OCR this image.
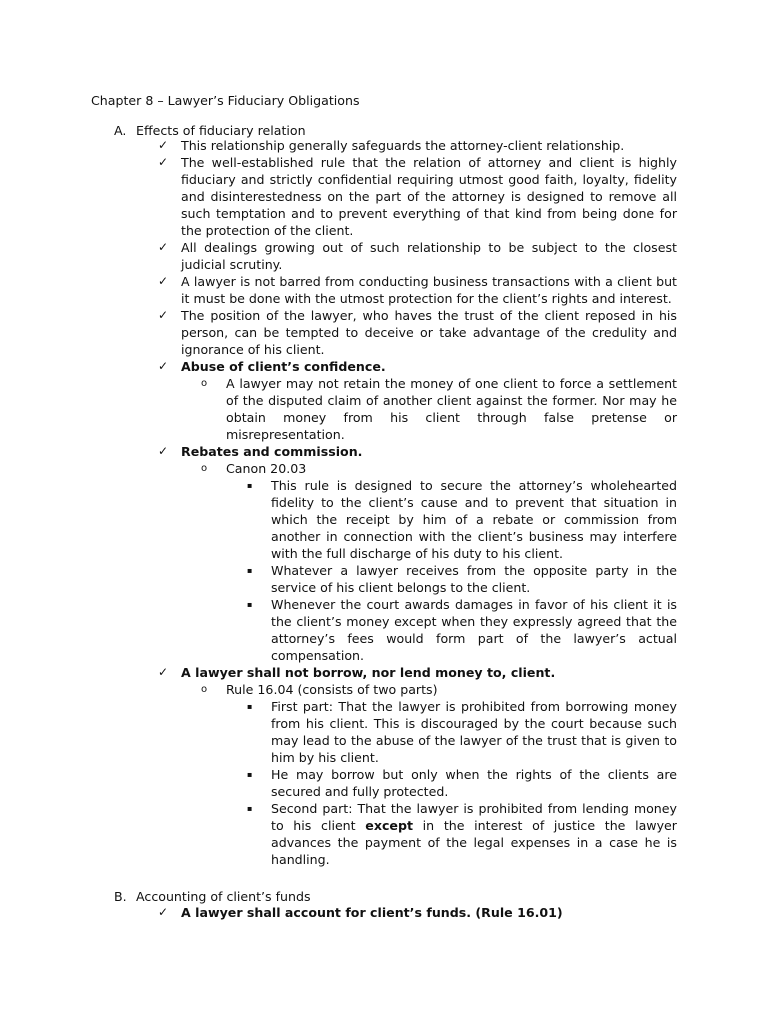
Chapter 8 – Lawyer’s Fiduciary Obligations
A. Effects of fiduciary relation
✓ This relationship generally safeguards the attorney-client relationship.
✓ The well-established rule that the relation of attorney and client is highly fiduciary and strictly confidential requiring utmost good faith, loyalty, fidelity and disinterestedness on the part of the attorney is designed to remove all such temptation and to prevent everything of that kind from being done for the protection of the client.
✓ All dealings growing out of such relationship to be subject to the closest judicial scrutiny.
✓ A lawyer is not barred from conducting business transactions with a client but it must be done with the utmost protection for the client’s rights and interest.
✓ The position of the lawyer, who haves the trust of the client reposed in his person, can be tempted to deceive or take advantage of the credulity and ignorance of his client.
✓ Abuse of client’s confidence.
o A lawyer may not retain the money of one client to force a settlement of the disputed claim of another client against the former. Nor may he obtain money from his client through false pretense or misrepresentation.
✓ Rebates and commission.
o Canon 20.03
▪ This rule is designed to secure the attorney’s wholehearted fidelity to the client’s cause and to prevent that situation in which the receipt by him of a rebate or commission from another in connection with the client’s business may interfere with the full discharge of his duty to his client.
▪ Whatever a lawyer receives from the opposite party in the service of his client belongs to the client.
▪ Whenever the court awards damages in favor of his client it is the client’s money except when they expressly agreed that the attorney’s fees would form part of the lawyer’s actual compensation.
✓ A lawyer shall not borrow, nor lend money to, client.
o Rule 16.04 (consists of two parts)
▪ First part: That the lawyer is prohibited from borrowing money from his client. This is discouraged by the court because such may lead to the abuse of the lawyer of the trust that is given to him by his client.
▪ He may borrow but only when the rights of the clients are secured and fully protected.
▪ Second part: That the lawyer is prohibited from lending money to his client except in the interest of justice the lawyer advances the payment of the legal expenses in a case he is handling.
B. Accounting of client’s funds
✓ A lawyer shall account for client’s funds. (Rule 16.01)
